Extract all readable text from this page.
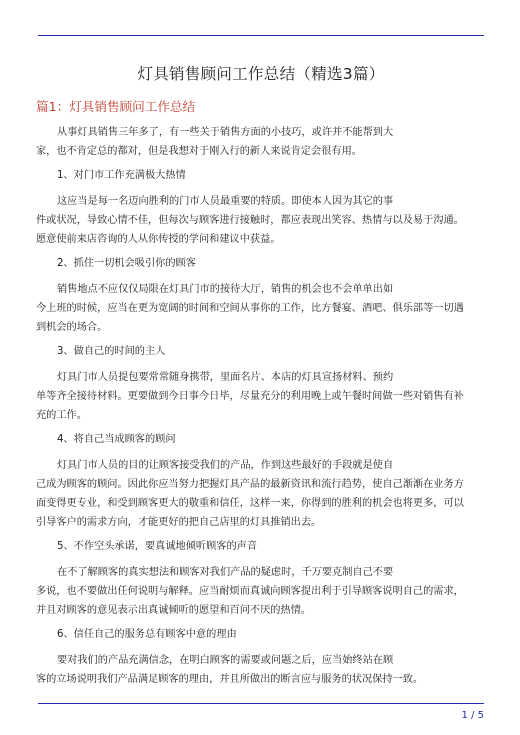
灯具销售顾问工作总结（精选3篇）
篇1：灯具销售顾问工作总结
从事灯具销售三年多了，有一些关于销售方面的小技巧，或许并不能帮到大
家，也不肯定总的都对，但是我想对于刚入行的新人来说肯定会很有用。
1、对门市工作充满极大热情
这应当是每一名迈向胜利的门市人员最重要的特质。即使本人因为其它的事
件或状况，导致心情不佳，但每次与顾客进行接触时，都应表现出笑容、热情与以及易于沟通。
愿意使前来店咨询的人从你传授的学问和建议中获益。
2、抓住一切机会吸引你的顾客
销售地点不应仅仅局限在灯具门市的接待大厅，销售的机会也不会单单出如
今上班的时候，应当在更为宽阔的时间和空间从事你的工作，比方餐宴、酒吧、俱乐部等一切遇
到机会的场合。
3、做自己的时间的主人
灯具门市人员提包要常常随身携带，里面名片、本店的灯具宣扬材料、预约
单等齐全接待材料。更要做到今日事今日毕，尽量充分的利用晚上或午餐时间做一些对销售有补
充的工作。
4、将自己当成顾客的顾问
灯具门市人员的目的让顾客接受我们的产品，作到这些最好的手段就是使自
己成为顾客的顾问。因此你应当努力把握灯具产品的最新资讯和流行趋势，使自己渐渐在业务方
面变得更专业，和受到顾客更大的敬重和信任，这样一来，你得到的胜利的机会也将更多，可以
引导客户的需求方向，才能更好的把自己店里的灯具推销出去。
5、不作空头承诺，要真诚地倾听顾客的声音
在不了解顾客的真实想法和顾客对我们产品的疑虑时，千万要克制自己不要
多说，也不要做出任何说明与解释。应当耐烦而真诚向顾客提出利于引导顾客说明自己的需求，
并且对顾客的意见表示出真诚倾听的愿望和百问不厌的热情。
6、信任自己的服务总有顾客中意的理由
要对我们的产品充满信念，在明白顾客的需要或问题之后，应当始终站在顾
客的立场说明我们产品满足顾客的理由，并且所做出的断言应与服务的状况保持一致。
1 / 5
